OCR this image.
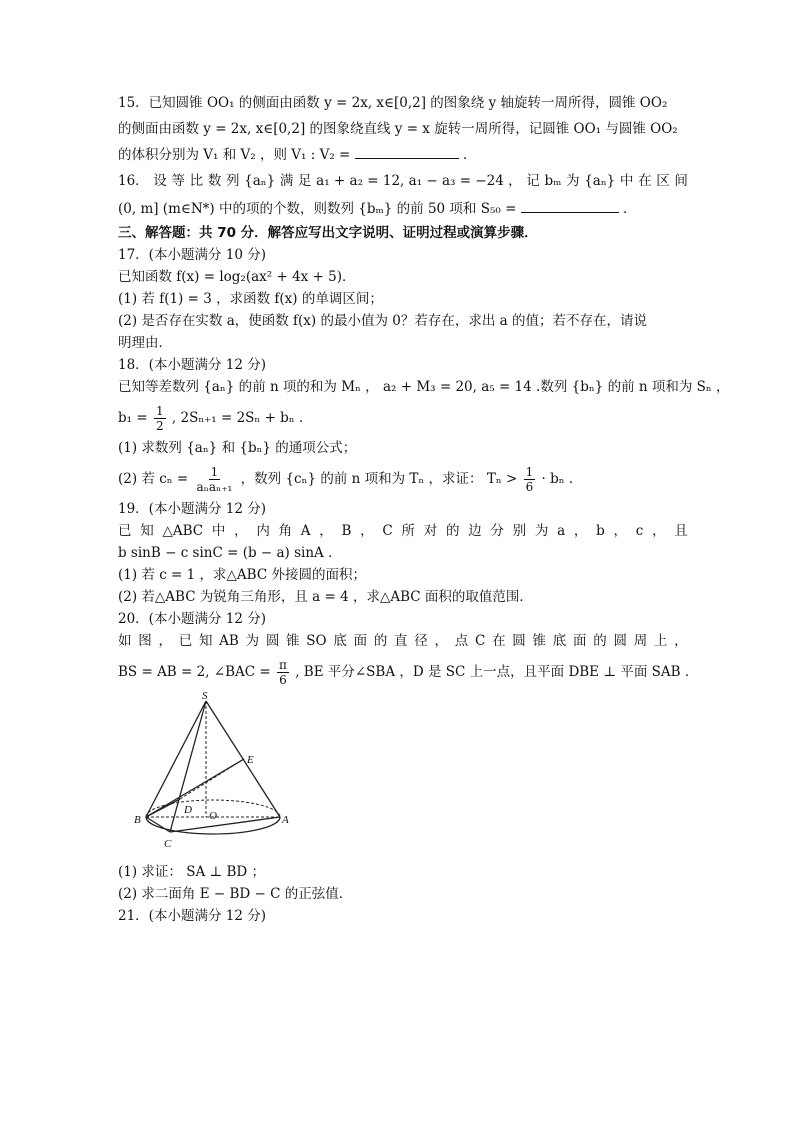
15．已知圆锥 OO₁ 的侧面由函数 y = 2x, x∈[0,2] 的图象绕 y 轴旋转一周所得，圆锥 OO₂
的侧面由函数 y = 2x, x∈[0,2] 的图象绕直线 y = x 旋转一周所得，记圆锥 OO₁ 与圆锥 OO₂
的体积分别为 V₁ 和 V₂ ，则 V₁ : V₂ =	．
16． 设 等 比 数 列 {aₙ} 满 足 a₁ + a₂ = 12, a₁ − a₃ = −24 ， 记 bₘ 为 {aₙ} 中 在 区 间
(0, m] (m∈N*) 中的项的个数，则数列 {bₘ} 的前 50 项和 S₅₀ =	．
三、解答题：共 70 分．解答应写出文字说明、证明过程或演算步骤．
17．(本小题满分 10 分)
已知函数 f(x) = log₂(ax² + 4x + 5)．
(1) 若 f(1) = 3 ，求函数 f(x) 的单调区间；
(2) 是否存在实数 a，使函数 f(x) 的最小值为 0？若存在，求出 a 的值；若不存在，请说
明理由．
18．(本小题满分 12 分)
已知等差数列 {aₙ} 的前 n 项的和为 Mₙ ， a₂ + M₃ = 20, a₅ = 14 .数列 {bₙ} 的前 n 项和为 Sₙ ，
$b_1 = \frac{1}{2}$ , 2Sₙ₊₁ = 2Sₙ + bₙ ．
(1) 求数列 {aₙ} 和 {bₙ} 的通项公式；
(2) 若 $c_n = \frac{1}{\text{aₙaₙ₊₁}}$ ，数列 {cₙ} 的前 n 项和为 Tₙ ，求证： $T_n > \frac{1}{6} \cdot b_n$ ．
19．(本小题满分 12 分)
已 知 △ABC 中 ， 内 角 A ， B ， C 所 对 的 边 分 别 为 a ， b ， c ， 且
b sinB − c sinC = (b − a) sinA ．
(1) 若 c = 1 ，求△ABC 外接圆的面积；
(2) 若△ABC 为锐角三角形，且 a = 4 ，求△ABC 面积的取值范围．
20．(本小题满分 12 分)
如 图 ， 已 知 AB 为 圆 锥 SO 底 面 的 直 径 ， 点 C 在 圆 锥 底 面 的 圆 周 上 ，
BS = AB = 2, ∠BAC = $\frac{\pi}{6}$ , BE 平分∠SBA ，D 是 SC 上一点，且平面 DBE ⊥ 平面 SAB ．
S
E
B
D O	A
C
(1) 求证： SA ⊥ BD ；
(2) 求二面角 E − BD − C 的正弦值．
21．(本小题满分 12 分)
